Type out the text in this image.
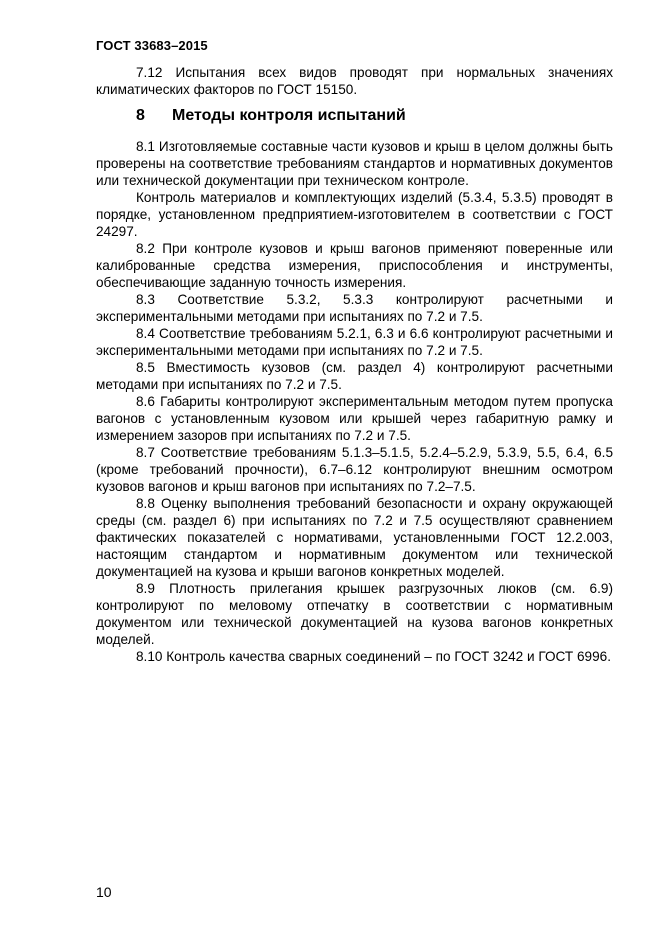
ГОСТ 33683–2015

7.12 Испытания всех видов проводят при нормальных значениях климатических факторов по ГОСТ 15150.

8 Методы контроля испытаний

8.1 Изготовляемые составные части кузовов и крыш в целом должны быть проверены на соответствие требованиям стандартов и нормативных документов или технической документации при техническом контроле.

Контроль материалов и комплектующих изделий (5.3.4, 5.3.5) проводят в порядке, установленном предприятием-изготовителем в соответствии с ГОСТ 24297.

8.2 При контроле кузовов и крыш вагонов применяют поверенные или калиброванные средства измерения, приспособления и инструменты, обеспечивающие заданную точность измерения.

8.3 Соответствие 5.3.2, 5.3.3 контролируют расчетными и экспериментальными методами при испытаниях по 7.2 и 7.5.

8.4 Соответствие требованиям 5.2.1, 6.3 и 6.6 контролируют расчетными и экспериментальными методами при испытаниях по 7.2 и 7.5.

8.5 Вместимость кузовов (см. раздел 4) контролируют расчетными методами при испытаниях по 7.2 и 7.5.

8.6 Габариты контролируют экспериментальным методом путем пропуска вагонов с установленным кузовом или крышей через габаритную рамку и измерением зазоров при испытаниях по 7.2 и 7.5.

8.7 Соответствие требованиям 5.1.3–5.1.5, 5.2.4–5.2.9, 5.3.9, 5.5, 6.4, 6.5 (кроме требований прочности), 6.7–6.12 контролируют внешним осмотром кузовов вагонов и крыш вагонов при испытаниях по 7.2–7.5.

8.8 Оценку выполнения требований безопасности и охрану окружающей среды (см. раздел 6) при испытаниях по 7.2 и 7.5 осуществляют сравнением фактических показателей с нормативами, установленными ГОСТ 12.2.003, настоящим стандартом и нормативным документом или технической документацией на кузова и крыши вагонов конкретных моделей.

8.9 Плотность прилегания крышек разгрузочных люков (см. 6.9) контролируют по меловому отпечатку в соответствии с нормативным документом или технической документацией на кузова вагонов конкретных моделей.

8.10 Контроль качества сварных соединений – по ГОСТ 3242 и ГОСТ 6996.

10
